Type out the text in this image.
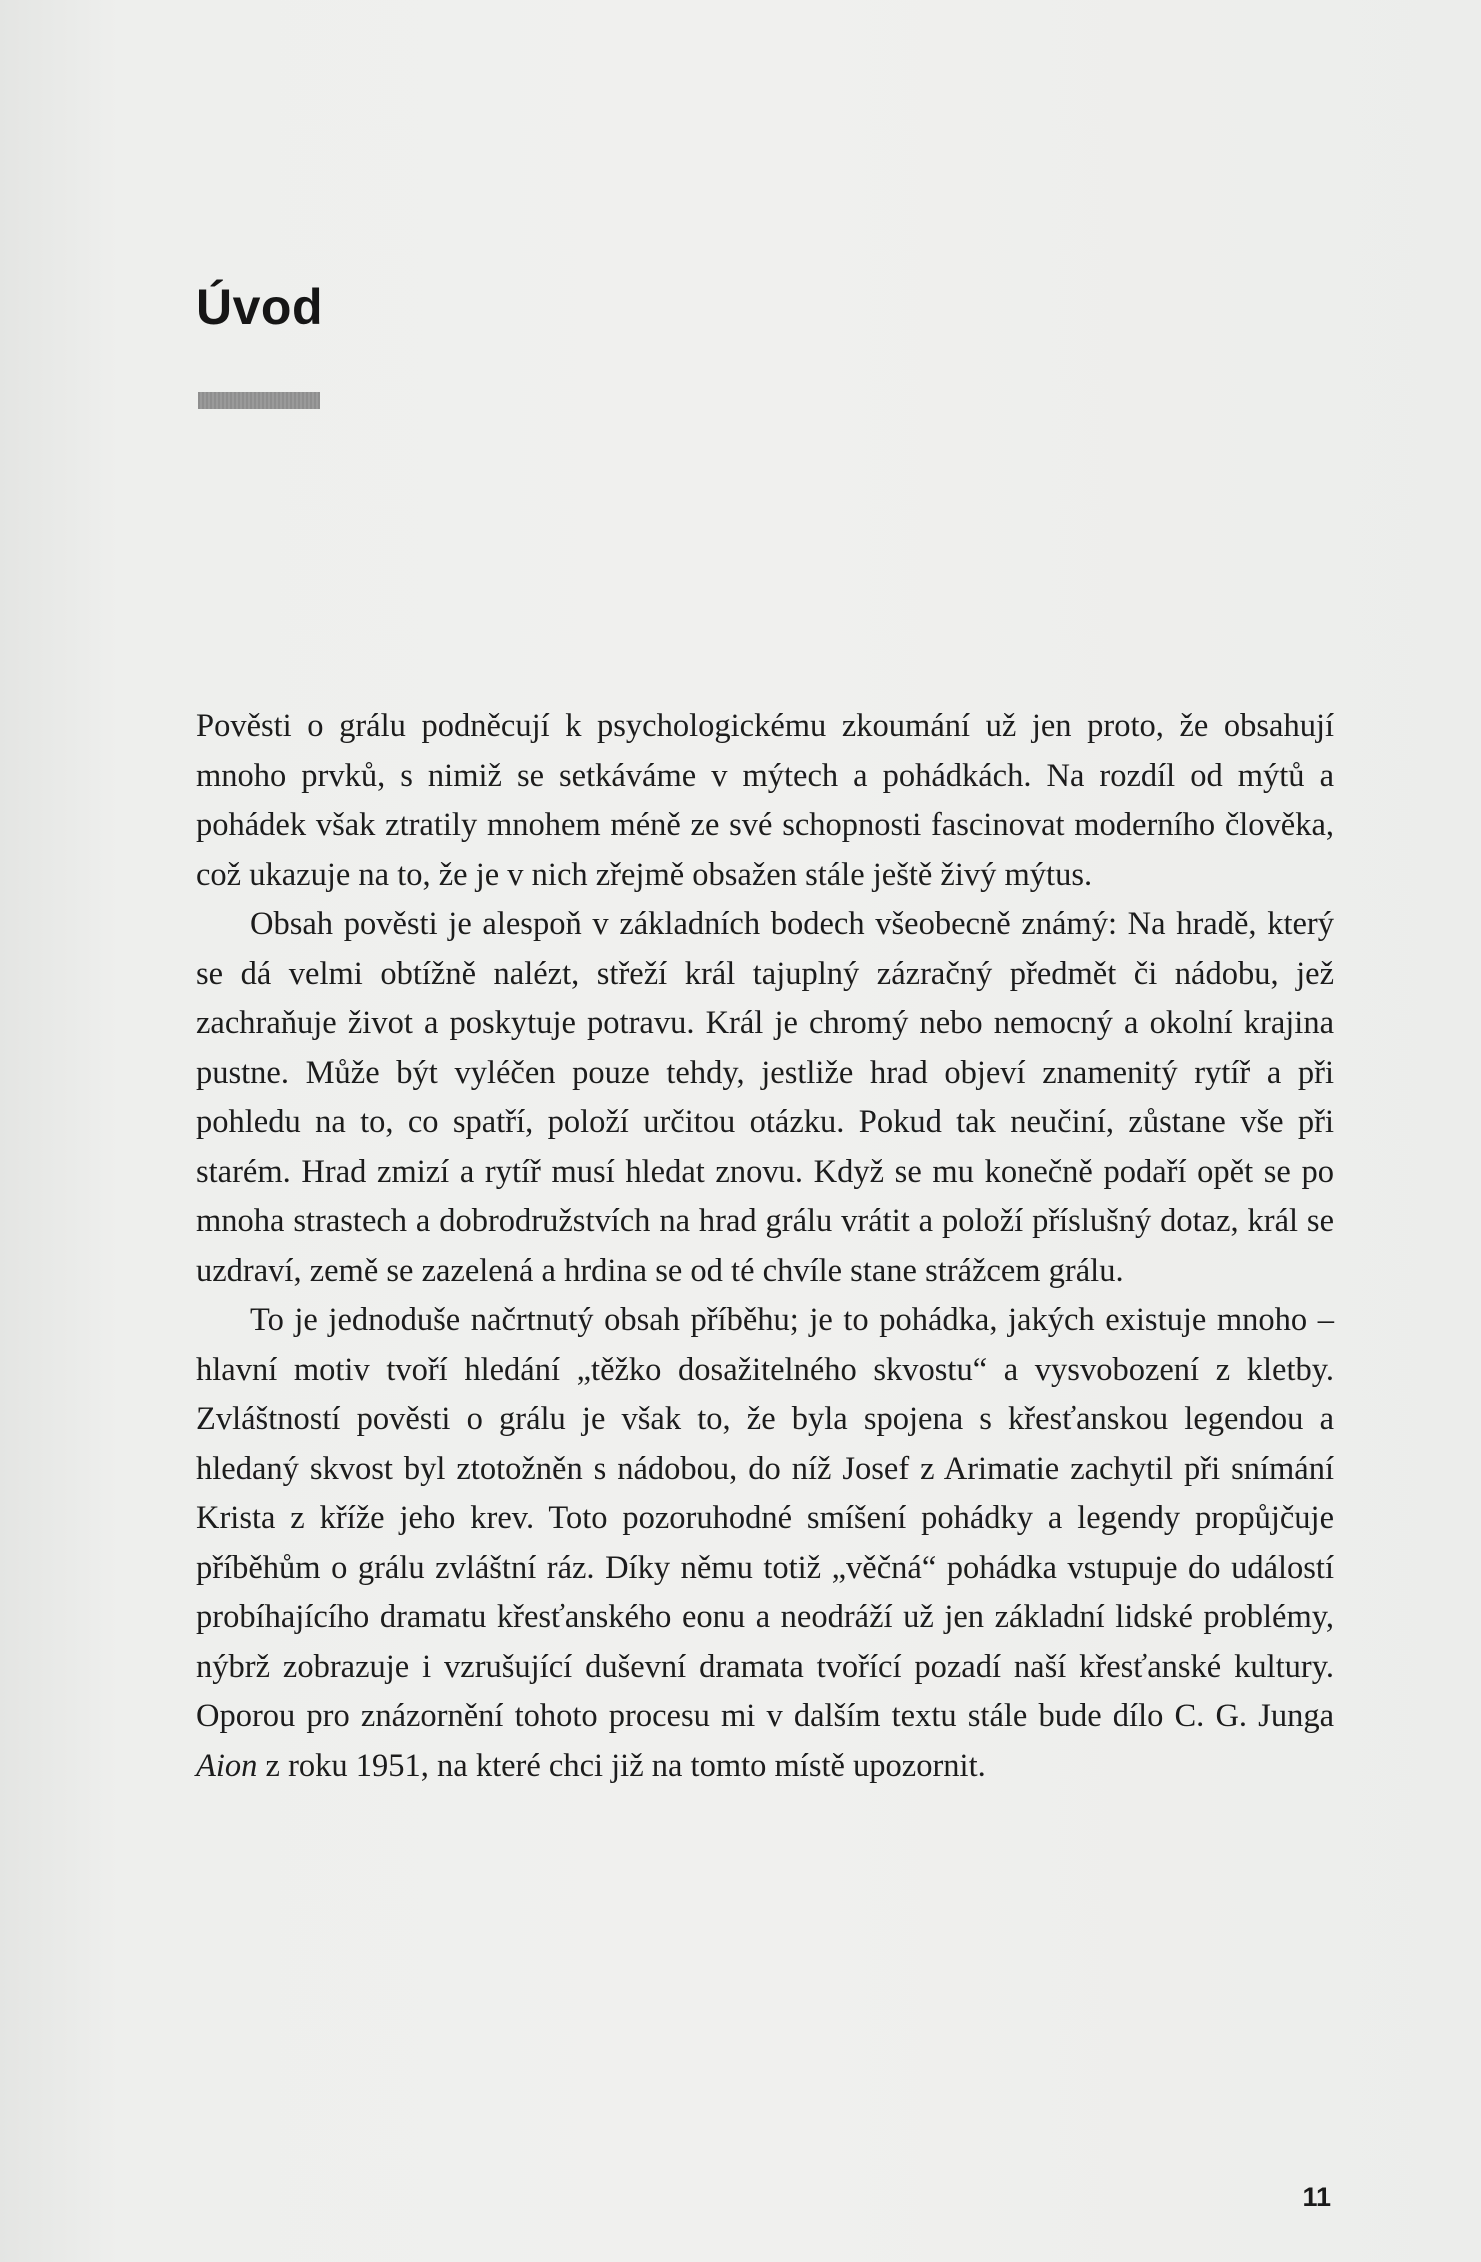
Úvod

Pověsti o grálu podněcují k psychologickému zkoumání už jen proto, že obsahují mnoho prvků, s nimiž se setkáváme v mýtech a pohádkách. Na rozdíl od mýtů a pohádek však ztratily mnohem méně ze své schopnosti fascinovat moderního člověka, což ukazuje na to, že je v nich zřejmě obsažen stále ještě živý mýtus.

Obsah pověsti je alespoň v základních bodech všeobecně známý: Na hradě, který se dá velmi obtížně nalézt, střeží král tajuplný zázračný předmět či nádobu, jež zachraňuje život a poskytuje potravu. Král je chromý nebo nemocný a okolní krajina pustne. Může být vyléčen pouze tehdy, jestliže hrad objeví znamenitý rytíř a při pohledu na to, co spatří, položí určitou otázku. Pokud tak neučiní, zůstane vše při starém. Hrad zmizí a rytíř musí hledat znovu. Když se mu konečně podaří opět se po mnoha strastech a dobrodružstvích na hrad grálu vrátit a položí příslušný dotaz, král se uzdraví, země se zazelená a hrdina se od té chvíle stane strážcem grálu.

To je jednoduše načrtnutý obsah příběhu; je to pohádka, jakých existuje mnoho – hlavní motiv tvoří hledání „těžko dosažitelného skvostu“ a vysvobození z kletby. Zvláštností pověsti o grálu je však to, že byla spojena s křesťanskou legendou a hledaný skvost byl ztotožněn s nádobou, do níž Josef z Arimatie zachytil při snímání Krista z kříže jeho krev. Toto pozoruhodné smíšení pohádky a legendy propůjčuje příběhům o grálu zvláštní ráz. Díky němu totiž „věčná“ pohádka vstupuje do událostí probíhajícího dramatu křesťanského eonu a neodráží už jen základní lidské problémy, nýbrž zobrazuje i vzrušující duševní dramata tvořící pozadí naší křesťanské kultury. Oporou pro znázornění tohoto procesu mi v dalším textu stále bude dílo C. G. Junga Aion z roku 1951, na které chci již na tomto místě upozornit.

11
